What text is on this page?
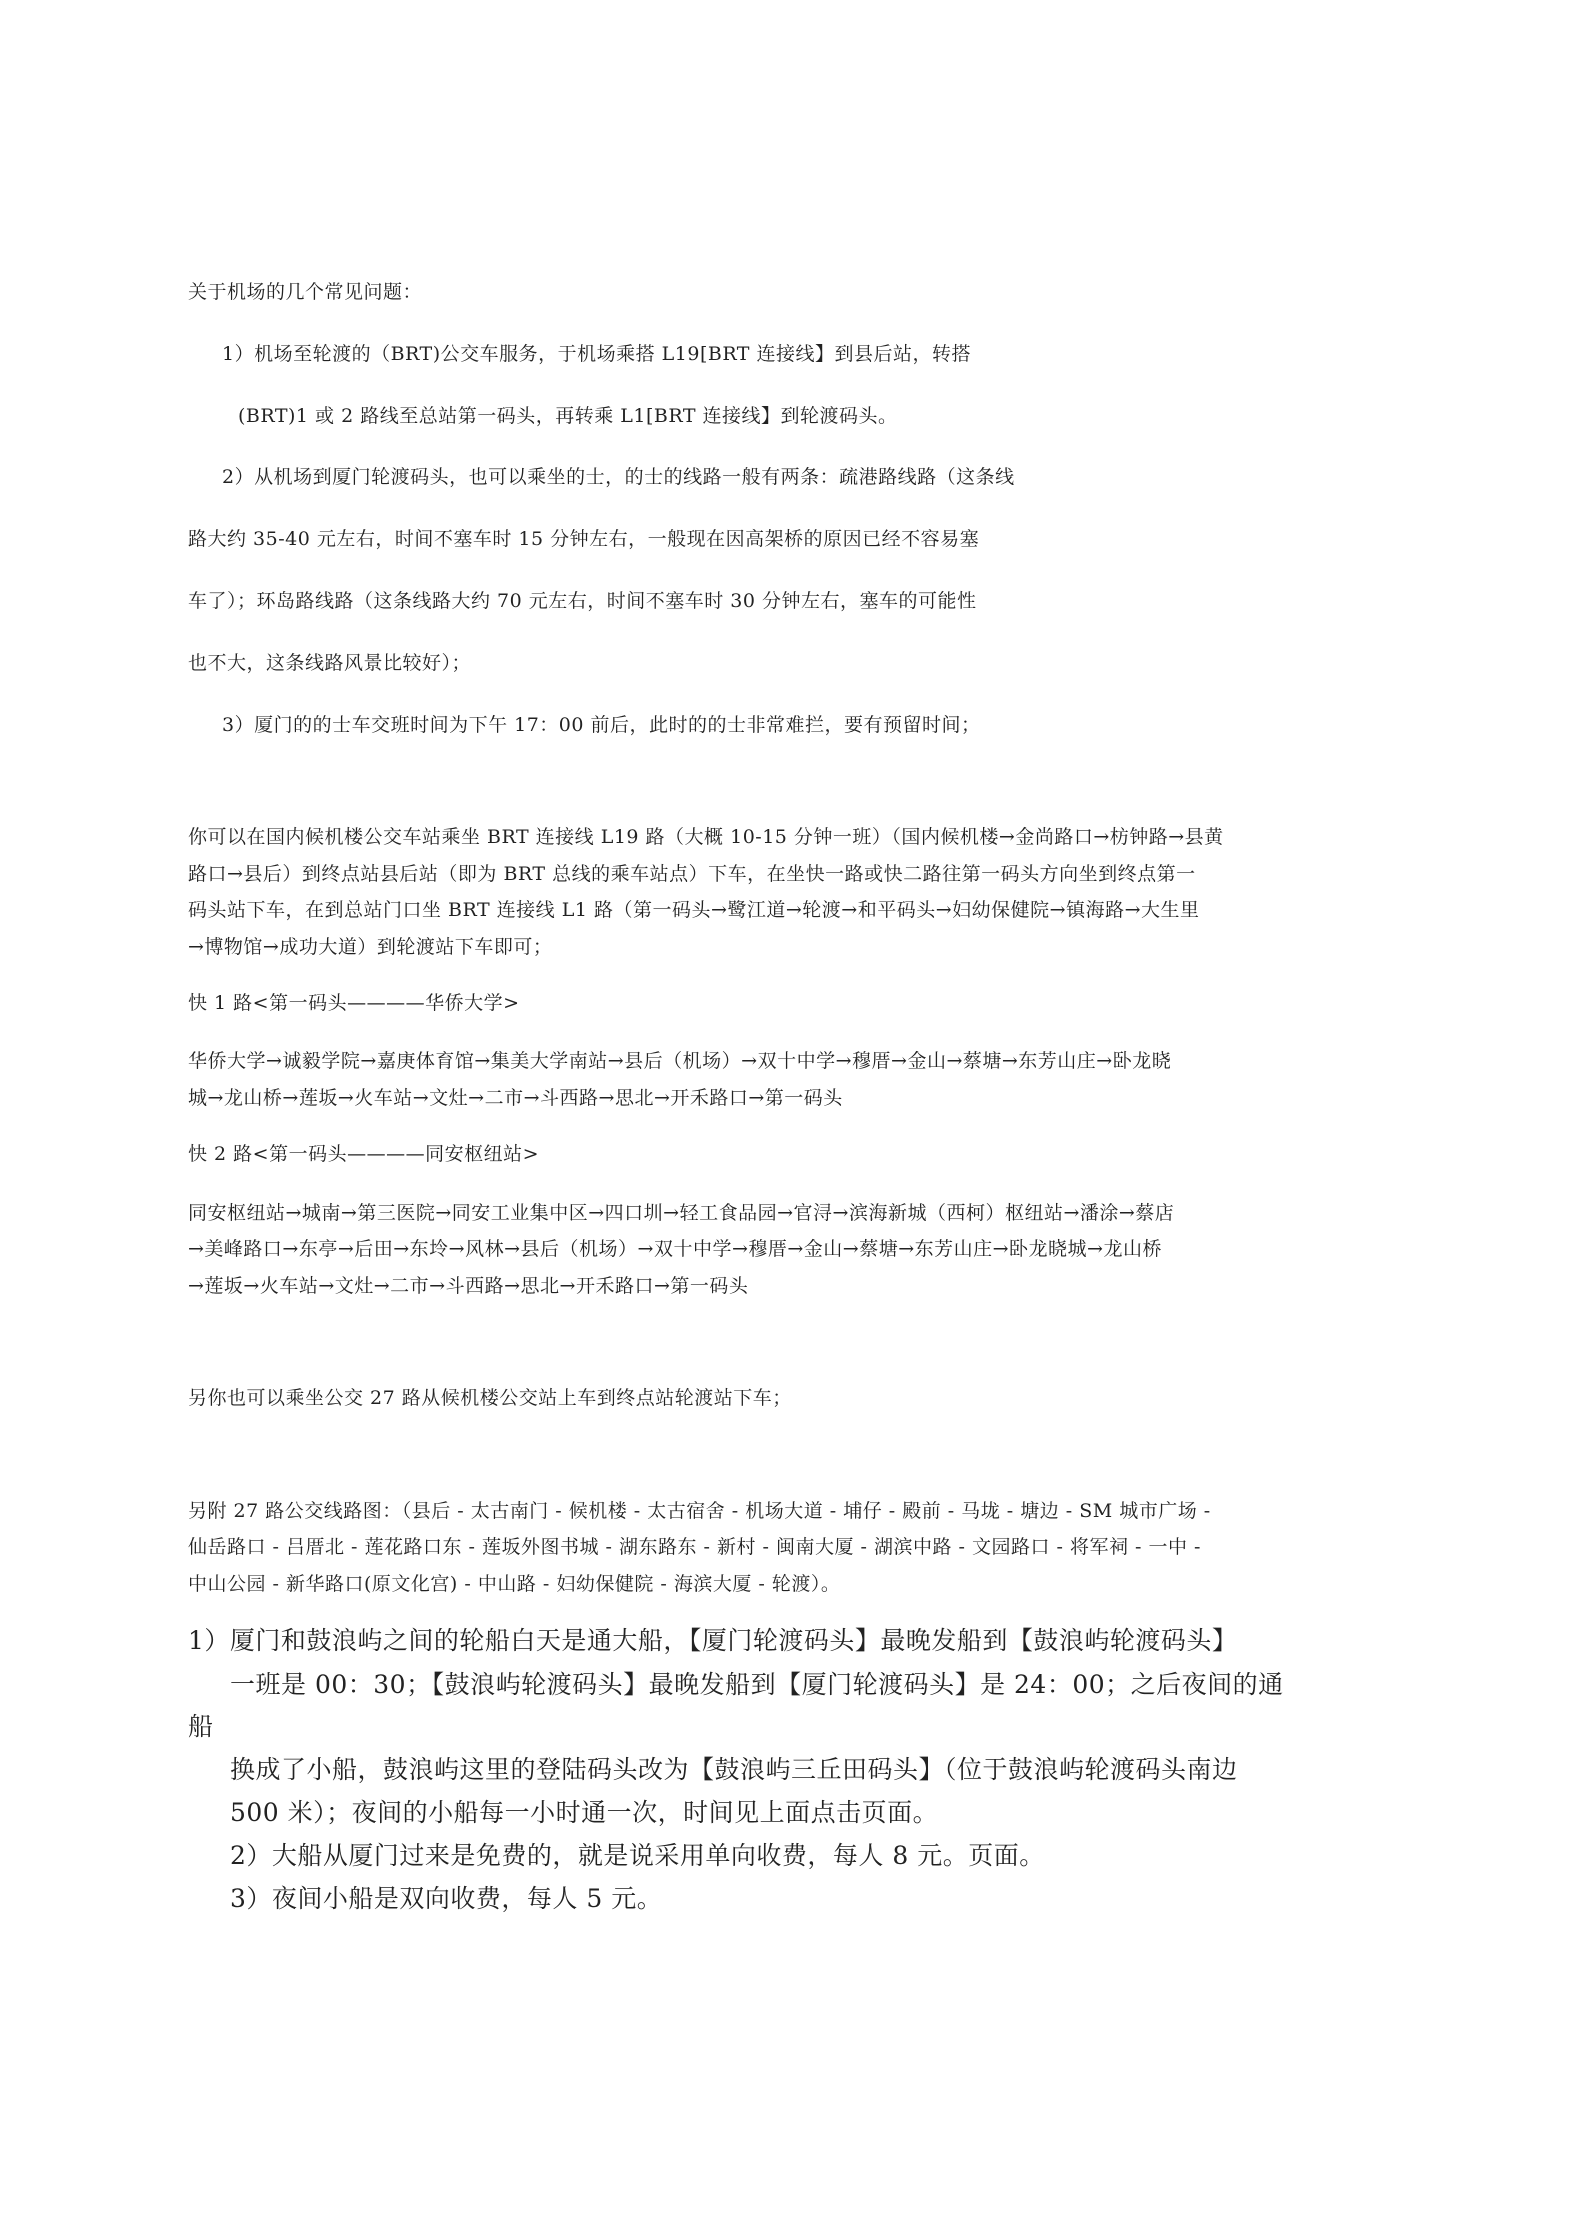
关于机场的几个常见问题：
1）机场至轮渡的（BRT)公交车服务，于机场乘搭 L19[BRT 连接线】到县后站，转搭
(BRT)1 或 2 路线至总站第一码头，再转乘 L1[BRT 连接线】到轮渡码头。
2）从机场到厦门轮渡码头，也可以乘坐的士，的士的线路一般有两条：疏港路线路（这条线
路大约 35-40 元左右，时间不塞车时 15 分钟左右，一般现在因高架桥的原因已经不容易塞
车了）；环岛路线路（这条线路大约 70 元左右，时间不塞车时 30 分钟左右，塞车的可能性
也不大，这条线路风景比较好）；
3）厦门的的士车交班时间为下午 17：00 前后，此时的的士非常难拦，要有预留时间；
你可以在国内候机楼公交车站乘坐 BRT 连接线 L19 路（大概 10-15 分钟一班）（国内候机楼→金尚路口→枋钟路→县黄
路口→县后）到终点站县后站（即为 BRT 总线的乘车站点）下车，在坐快一路或快二路往第一码头方向坐到终点第一
码头站下车，在到总站门口坐 BRT 连接线 L1 路（第一码头→鹭江道→轮渡→和平码头→妇幼保健院→镇海路→大生里
→博物馆→成功大道）到轮渡站下车即可；
快 1 路<第一码头————华侨大学>
华侨大学→诚毅学院→嘉庚体育馆→集美大学南站→县后（机场）→双十中学→穆厝→金山→蔡塘→东芳山庄→卧龙晓
城→龙山桥→莲坂→火车站→文灶→二市→斗西路→思北→开禾路口→第一码头
快 2 路<第一码头————同安枢纽站>
同安枢纽站→城南→第三医院→同安工业集中区→四口圳→轻工食品园→官浔→滨海新城（西柯）枢纽站→潘涂→蔡店
→美峰路口→东亭→后田→东坽→风林→县后（机场）→双十中学→穆厝→金山→蔡塘→东芳山庄→卧龙晓城→龙山桥
→莲坂→火车站→文灶→二市→斗西路→思北→开禾路口→第一码头
另你也可以乘坐公交 27 路从候机楼公交站上车到终点站轮渡站下车；
另附 27 路公交线路图：（县后 - 太古南门 - 候机楼 - 太古宿舍 - 机场大道 - 埔仔 - 殿前 - 马垅 - 塘边 - SM 城市广场 -
仙岳路口 - 吕厝北 - 莲花路口东 - 莲坂外图书城 - 湖东路东 - 新村 - 闽南大厦 - 湖滨中路 - 文园路口 - 将军祠 - 一中 -
中山公园 - 新华路口(原文化宫) - 中山路 - 妇幼保健院 - 海滨大厦 - 轮渡）。
1）厦门和鼓浪屿之间的轮船白天是通大船，【厦门轮渡码头】最晚发船到【鼓浪屿轮渡码头】
一班是 00：30；【鼓浪屿轮渡码头】最晚发船到【厦门轮渡码头】是 24：00；之后夜间的通
船
换成了小船，鼓浪屿这里的登陆码头改为【鼓浪屿三丘田码头】（位于鼓浪屿轮渡码头南边
500 米）；夜间的小船每一小时通一次，时间见上面点击页面。
2）大船从厦门过来是免费的，就是说采用单向收费，每人 8 元。页面。
3）夜间小船是双向收费，每人 5 元。
